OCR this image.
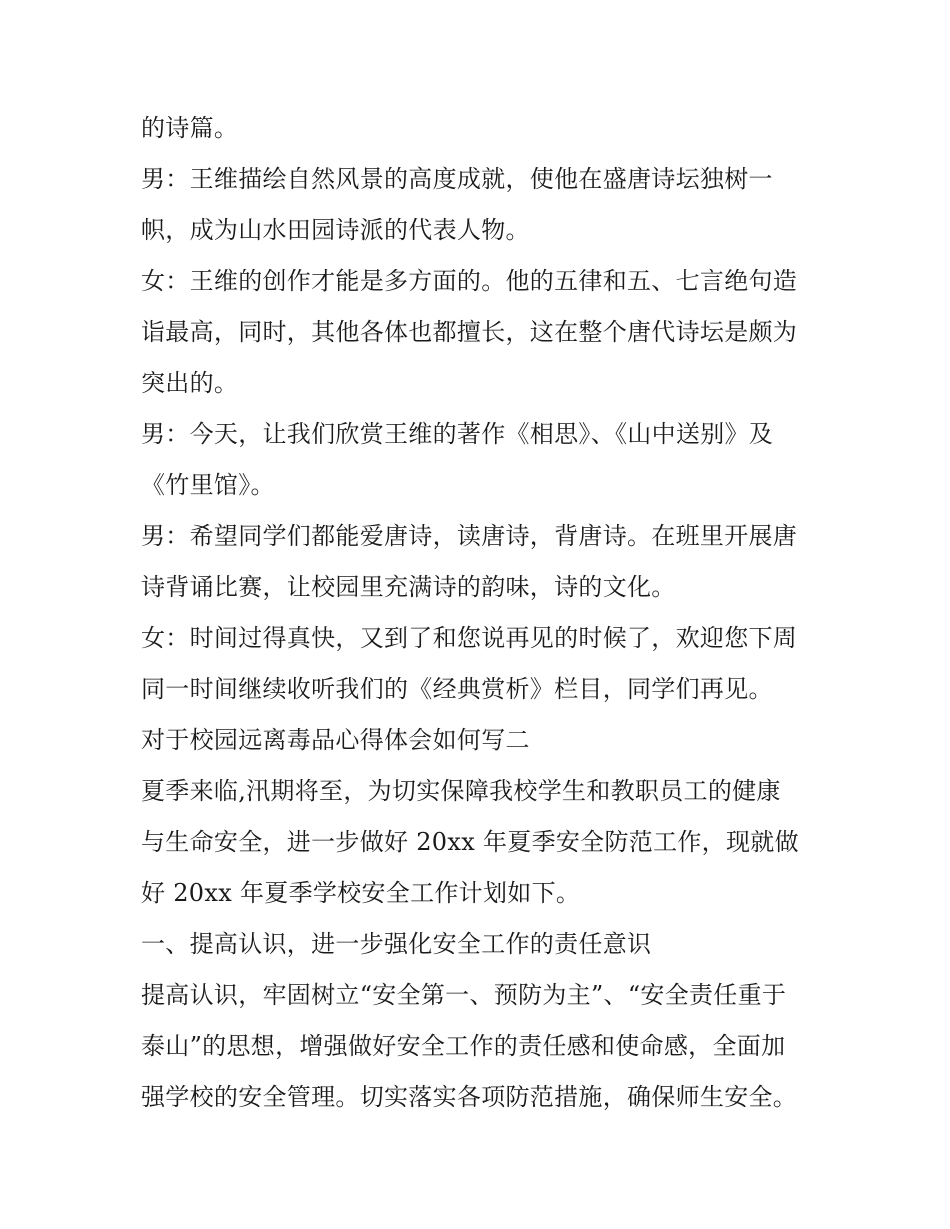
的诗篇。
男：王维描绘自然风景的高度成就，使他在盛唐诗坛独树一
帜，成为山水田园诗派的代表人物。
女：王维的创作才能是多方面的。他的五律和五、七言绝句造
诣最高，同时，其他各体也都擅长，这在整个唐代诗坛是颇为
突出的。
男：今天，让我们欣赏王维的著作《相思》、《山中送别》及
《竹里馆》。
男：希望同学们都能爱唐诗，读唐诗，背唐诗。在班里开展唐
诗背诵比赛，让校园里充满诗的韵味，诗的文化。
女：时间过得真快，又到了和您说再见的时候了，欢迎您下周
同一时间继续收听我们的《经典赏析》栏目，同学们再见。
对于校园远离毒品心得体会如何写二
夏季来临,汛期将至，为切实保障我校学生和教职员工的健康
与生命安全，进一步做好 20xx 年夏季安全防范工作，现就做
好 20xx 年夏季学校安全工作计划如下。
一、提高认识，进一步强化安全工作的责任意识
提高认识，牢固树立“安全第一、预防为主”、“安全责任重于
泰山”的思想，增强做好安全工作的责任感和使命感，全面加
强学校的安全管理。切实落实各项防范措施，确保师生安全。
